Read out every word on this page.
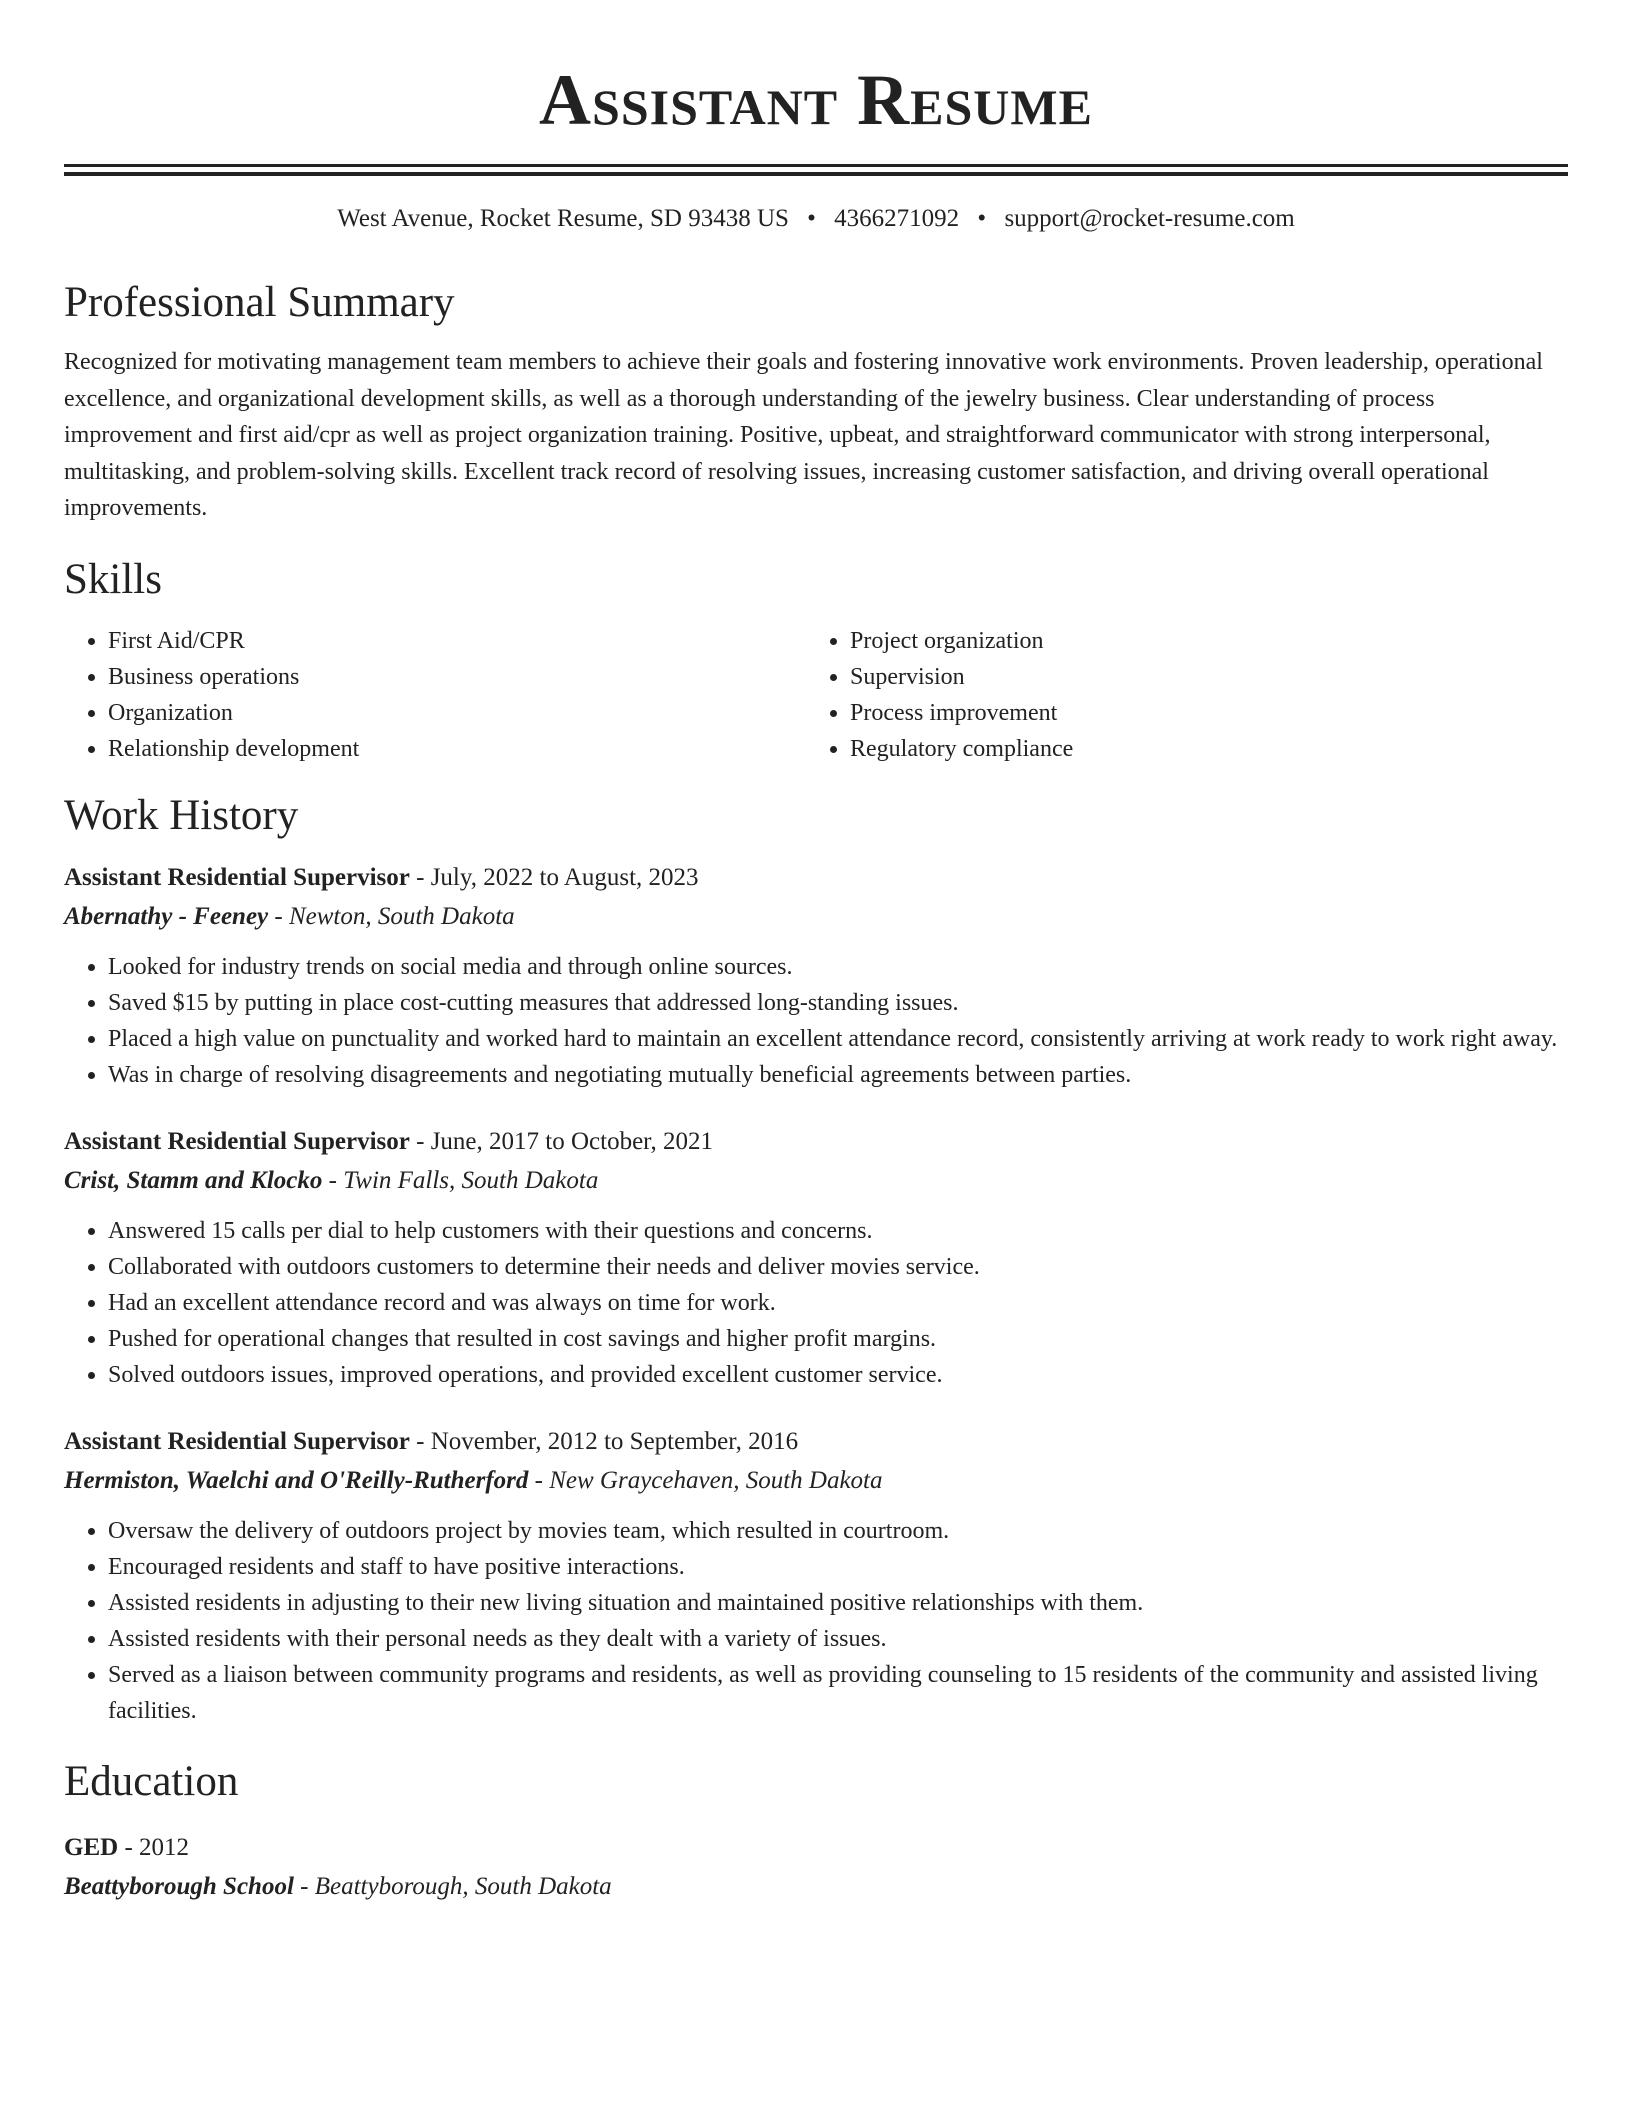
Assistant Resume
West Avenue, Rocket Resume, SD 93438 US • 4366271092 • support@rocket-resume.com
Professional Summary

Recognized for motivating management team members to achieve their goals and fostering innovative work environments. Proven leadership, operational excellence, and organizational development skills, as well as a thorough understanding of the jewelry business. Clear understanding of process improvement and first aid/cpr as well as project organization training. Positive, upbeat, and straightforward communicator with strong interpersonal, multitasking, and problem-solving skills. Excellent track record of resolving issues, increasing customer satisfaction, and driving overall operational improvements.

Skills
• First Aid/CPR
• Business operations
• Organization
• Relationship development
• Project organization
• Supervision
• Process improvement
• Regulatory compliance
Work History
Assistant Residential Supervisor - July, 2022 to August, 2023
Abernathy - Feeney - Newton, South Dakota
• Looked for industry trends on social media and through online sources.
• Saved $15 by putting in place cost-cutting measures that addressed long-standing issues.
• Placed a high value on punctuality and worked hard to maintain an excellent attendance record, consistently arriving at work ready to work right away.
• Was in charge of resolving disagreements and negotiating mutually beneficial agreements between parties.
Assistant Residential Supervisor - June, 2017 to October, 2021
Crist, Stamm and Klocko - Twin Falls, South Dakota
• Answered 15 calls per dial to help customers with their questions and concerns.
• Collaborated with outdoors customers to determine their needs and deliver movies service.
• Had an excellent attendance record and was always on time for work.
• Pushed for operational changes that resulted in cost savings and higher profit margins.
• Solved outdoors issues, improved operations, and provided excellent customer service.
Assistant Residential Supervisor - November, 2012 to September, 2016
Hermiston, Waelchi and O'Reilly-Rutherford - New Graycehaven, South Dakota
• Oversaw the delivery of outdoors project by movies team, which resulted in courtroom.
• Encouraged residents and staff to have positive interactions.
• Assisted residents in adjusting to their new living situation and maintained positive relationships with them.
• Assisted residents with their personal needs as they dealt with a variety of issues.
• Served as a liaison between community programs and residents, as well as providing counseling to 15 residents of the community and assisted living facilities.
Education
GED - 2012
Beattyborough School - Beattyborough, South Dakota
